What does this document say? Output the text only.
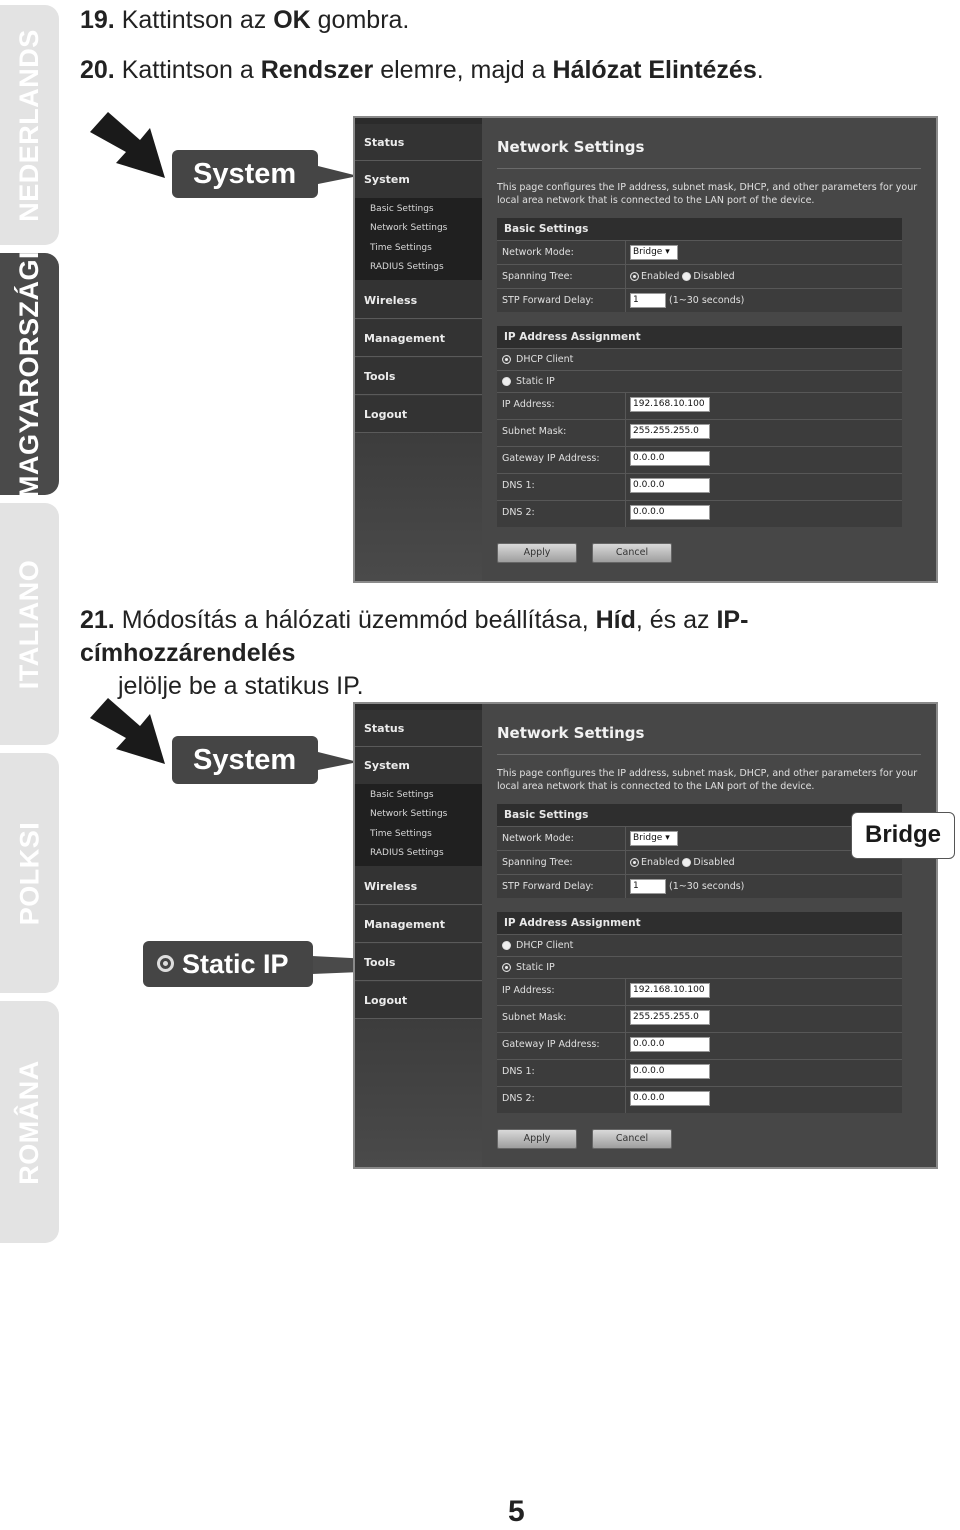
NEDERLANDS
MAGYARORSZÁGI
ITALIANO
POLKSI
ROMÂNA
19. Kattintson az OK gombra.
20. Kattintson a Rendszer elemre, majd a Hálózat Elintézés.
System
Status
System
Basic Settings
Network Settings
Time Settings
RADIUS Settings
Wireless
Management
Tools
Logout
Network Settings
This page configures the IP address, subnet mask, DHCP, and other parameters for your local area network that is connected to the LAN port of the device.
Basic Settings
Network Mode:	Bridge ▾
Spanning Tree:	Enabled Disabled
STP Forward Delay:	1	(1~30 seconds)
IP Address Assignment
DHCP Client
Static IP
IP Address:	192.168.10.100
Subnet Mask:	255.255.255.0
Gateway IP Address:	0.0.0.0
DNS 1:	0.0.0.0
DNS 2:	0.0.0.0
Apply	Cancel
21. Módosítás a hálózati üzemmód beállítása, Híd, és az IP-címhozzárendelés
jelölje be a statikus IP.
System
Status
System
Basic Settings
Network Settings
Time Settings
RADIUS Settings
Wireless
Management
Tools
Logout
Network Settings
This page configures the IP address, subnet mask, DHCP, and other parameters for your local area network that is connected to the LAN port of the device.
Basic Settings
Network Mode:	Bridge ▾
Spanning Tree:	Enabled Disabled
STP Forward Delay:	1	(1~30 seconds)
IP Address Assignment
DHCP Client
Static IP
IP Address:	192.168.10.100
Subnet Mask:	255.255.255.0
Gateway IP Address:	0.0.0.0
DNS 1:	0.0.0.0
DNS 2:	0.0.0.0
Apply	Cancel
Bridge
Static IP
5
